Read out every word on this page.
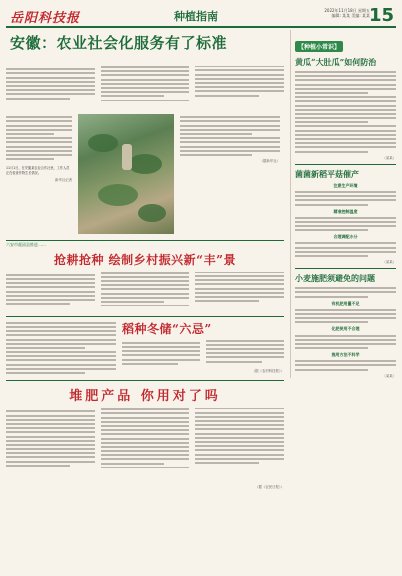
岳阳科技报	种植指南	2022年11月18日 星期五
编辑: 某某 美编: 某某
15
安徽：农业社会化服务有了标准
11月1日，在安徽某农业合作社里，工作人员正在检查作物生长情况。
新华社记者
（据新华社）
六安市霍邱县推进……
抢耕抢种 绘制乡村振兴新“丰”景
稻种冬储“六忌”
（据《农村科技报》）
堆肥产品 你用对了吗
（据《农民日报》）
【种植小常识】
黄瓜“大肚瓜”如何防治
（某某）
菌菌新稻平菇催产
注意生产环境
精准控制温度
合理调配水分
（某某）
小麦施肥须避免的问题
有机肥用量不足
化肥使用不合理
施用方法不科学
（某某）
